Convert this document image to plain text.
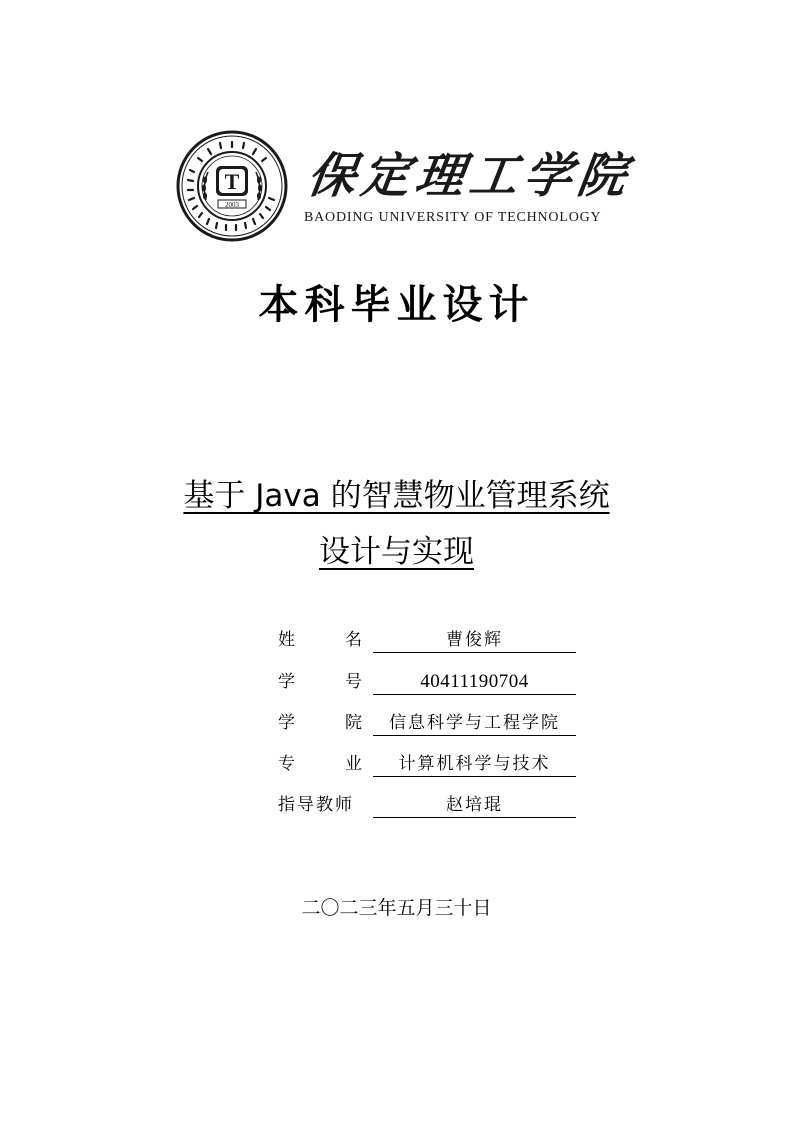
T
2003
保定理工学院
BAODING UNIVERSITY OF TECHNOLOGY
本科毕业设计
基于 Java 的智慧物业管理系统
设计与实现
姓	名	曹俊辉
学	号	40411190704
学	院	信息科学与工程学院
专	业	计算机科学与技术
指导教师	赵培琨
二〇二三年五月三十日
